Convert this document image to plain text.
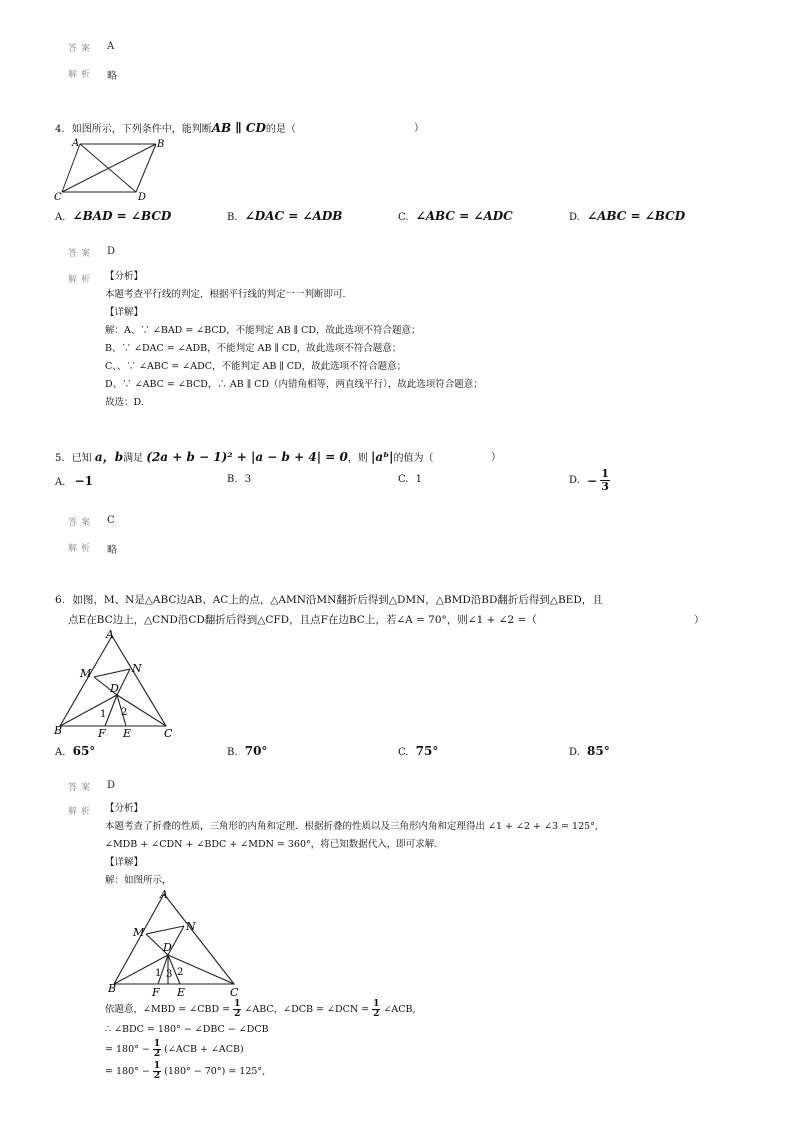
答案 A
解析 略
4. 如图所示，下列条件中，能判断AB ∥ CD的是（	）
A	B
C	D
A. ∠BAD = ∠BCD	B. ∠DAC = ∠ADB	C. ∠ABC = ∠ADC	D. ∠ABC = ∠BCD
答案 D
解析 【分析】
本题考查平行线的判定，根据平行线的判定一一判断即可.
【详解】
解：A、∵ ∠BAD = ∠BCD，不能判定 AB ∥ CD，故此选项不符合题意；
B、∵ ∠DAC = ∠ADB，不能判定 AB ∥ CD，故此选项不符合题意；
C、、∵ ∠ABC = ∠ADC，不能判定 AB ∥ CD，故此选项不符合题意；
D、∵ ∠ABC = ∠BCD，∴ AB ∥ CD（内错角相等，两直线平行），故此选项符合题意；
故选：D.
5. 已知 a，b满足 (2a + b − 1)² + |a − b + 4| = 0，则 |aᵇ|的值为（	）
A. −1	B. 3	C. 1	D. − $\frac{1}{3}$
答案 C
解析 略
6. 如图，M、N是△ABC边AB、AC上的点，△AMN沿MN翻折后得到△DMN，△BMD沿BD翻折后得到△BED，且
点E在BC边上，△CND沿CD翻折后得到△CFD，且点F在边BC上，若∠A = 70°，则∠1 + ∠2 =（	）
A
M	N
D
1 2
B	F E	C
A. 65°	B. 70°	C. 75°	D. 85°
答案 D
解析 【分析】
本题考查了折叠的性质，三角形的内角和定理．根据折叠的性质以及三角形内角和定理得出 ∠1 + ∠2 + ∠3 = 125°,
∠MDB + ∠CDN + ∠BDC + ∠MDN = 360°，将已知数据代入，即可求解.
【详解】
解：如图所示，
A
N
M
D
1 3 2
B	F E	C
依题意，∠MBD = ∠CBD = $\frac{1}{2}$ ∠ABC，∠DCB = ∠DCN = $\frac{1}{2}$ ∠ACB,
∴ ∠BDC = 180° − ∠DBC − ∠DCB
= $180^\circ - \frac{1}{2}$ (∠ACB + ∠ACB)
= $180^\circ - \frac{1}{2} (180^\circ - 70^\circ) = 125^\circ$,
